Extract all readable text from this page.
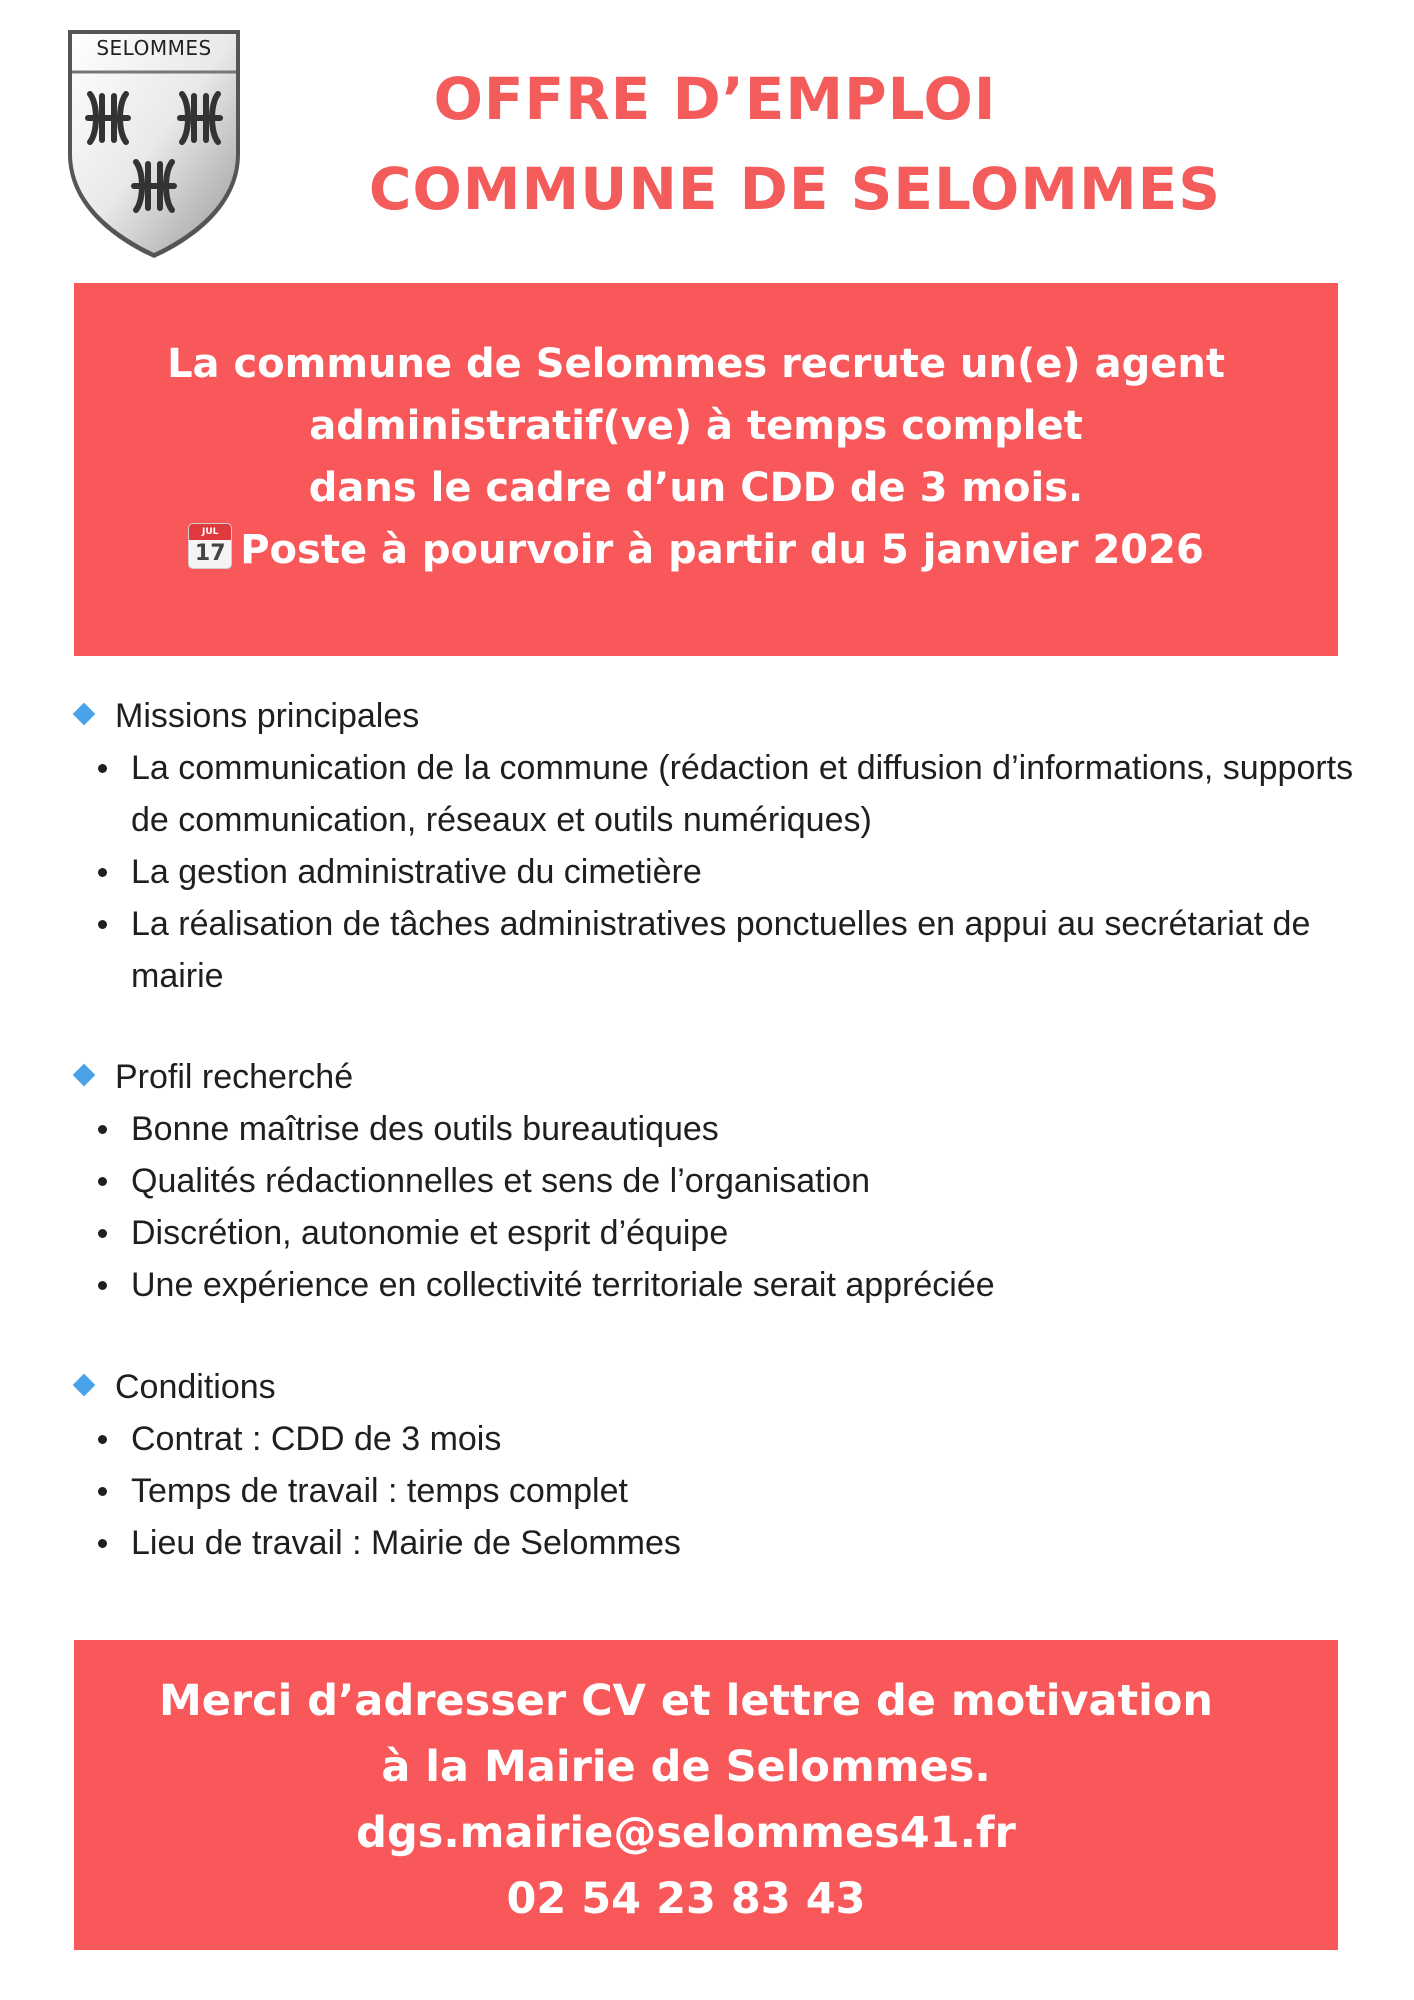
SELOMMES
OFFRE D’EMPLOI
COMMUNE DE SELOMMES
La commune de Selommes recrute un(e) agent
administratif(ve) à temps complet
dans le cadre d’un CDD de 3 mois.
JUL
17 Poste à pourvoir à partir du 5 janvier 2026
Missions principales
La communication de la commune (rédaction et diffusion d’informations, supports de communication, réseaux et outils numériques)
La gestion administrative du cimetière
La réalisation de tâches administratives ponctuelles en appui au secrétariat de mairie
Profil recherché
Bonne maîtrise des outils bureautiques
Qualités rédactionnelles et sens de l’organisation
Discrétion, autonomie et esprit d’équipe
Une expérience en collectivité territoriale serait appréciée
Conditions
Contrat : CDD de 3 mois
Temps de travail : temps complet
Lieu de travail : Mairie de Selommes
Merci d’adresser CV et lettre de motivation
à la Mairie de Selommes.
dgs.mairie@selommes41.fr
02 54 23 83 43
